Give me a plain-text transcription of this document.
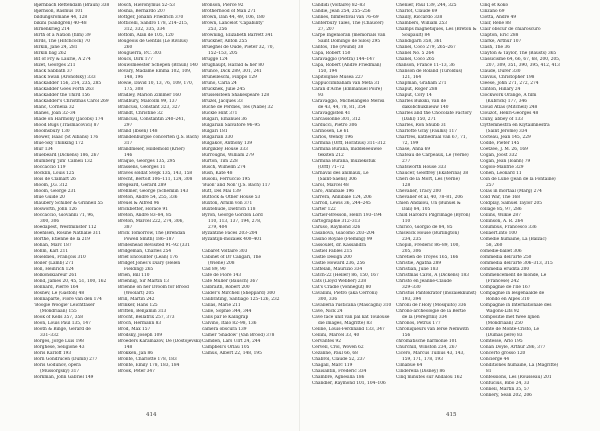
Bjørnbach Rettendam (Braun) 338
Bjørnson, Rasmus 101
bildungsromane 44, 128
bikini (Sandgren) 40–48
Birnenkrieg 214
Birth of a Nation (film) 39
Birds, The (Hitchcock) 70
Birkin, Jane 24, 281
Birkin bag 262
Bit of Fry & Laurie, A 274
Bizet, Georges 211
Black Sabbath 37
Black Swan (Aronofsky) 333
Blackadder 156, 214, 235, 285
Blackadder Goes Forth 263
Blackadder the Third 156
Blackadder's Christmas Carol 269
Blanc, Cornelia 32
Blanes, Joan 32–34
Blade on Harmony (Jacobs) 174
Blood Bugs (Trasmacovici) 87
Bloomsbury 130
Blower, Isaac (St Albans) 176
Blue-Sky Thinking 172
Blur 134
Bluebeard (Dickens) 186, 267
Blumberg 'Jim' Cameli 132
Boccaccio 119
Böcklin, Louis 125
Bois de Clamart 26
Bloom, J.G. 312
Bloom, George 231
Blue Guide 20
Blaubery Schiller & Grinnell 55
Bosworth, John 126
Boccaccio, Giovanni 71, 96,
300, 306
Boedapest, Westminster 112
Boehlsen, Rosine Nathalie 311
Borthe, Étienne de la 219
Bohan, Marc 187
Böhm, Karl 211
Boieldieu, François 310
Boiler (Lamb) 271
Böll, Heinrich 124
Bolkonskiareur 261
Bond, James 20, 45, 51, 100, 162
Bonnard, Pierre 164
Bosnev, Le (Gaston) 48
Bonnaparte, Flore van den 174
'Boogie Woogie' Leichtfaser
(Mondriaan) 155
Book of Kells 357, 358
Boon, Louis Paul 135, 147
Booth & Binge, Gerard de
331–332
Borges, Jorge Luis 198
Borghese, Seligione 43
Boris Karloff 193
Born Gondrucen (Dumb) 277
Boris Godunov, opera
(Mussorgsky) 317
Borkman, John Gabriel 149
Bosch, Hieronymus 52–53
Bosnia, Bernardo 207
Böttger, Johann Friedrich 370
Botticelli, Sandro 178, 214–215,
312, 332, 335, 334
Bottom, Alan de 105, 120
Bougeois de Gentils (Le Rivilus)
260
Bouguerra, P.C. 303
Boucs, Dirk 177
Bouwsmeester Schepen (Braun) 140
Bovary, Madame Emma 102, 109,
148, 196
Bowie, David 10, 13, 76, 109, 170,
175, 308
Bradley, Marion Zimmer 160
Bradbury, Malcolm 99, 137
Brancusi, Constant 323, 327
Brandt, Christine 32
Brancusi, Constantin 240–241,
297
Brand (Ibsen) 148
Brandenburgse concerten (J.S. Bach)
317
Brandmeier, Hildemold (Krier)
146
Braque, Georges 135, 295
Brassens, Georges 11
Braves soldat Svejk 135, 143, 158
Brecht, Bertolt 106–111, 124, 308
Brégeard, Gérard 289
Brehmer, George (Schemlin 143
Breton, André 54, 255, 336
Breuel & Alfred 96
Brickbetter, Horace 91
Breton, André 83–84, 85
Breton, Marcel 222, 274, 306,
387
Brick Tomorrow, The (Brendan
Powell Smith) 186–187
Brideshead Revisited 91–92 (331
Bridgeman, Charles 254
Brief Encounter (Lean) 176
Bridget Jones's Diary (Helen
Fielding) 265
Brien, Bill 110
Briennig, Sir Martin 13
Brienne on her Droom for Brood
(Woolart) 205
Brill, Martin 242
Brinker, Hans 125
Britten, Benjamin 313
Brocht, Bellatrix 257, 373
Broch, Hermann 83
Brod, Max 157
Brodsky, Joseph 109
Broeders Karamazov, De (Dostojevski)
148
Brokken, Jan 86
Brontë, Charlotte 178, 183
Brontë, Emily 178, 183, 184
Brook, Peter 347
Bronson, Pierce 92
Brotherhood of Man 271
Brown, Dan 44, 49, 106, 180
Brown, Lancelot 'Capability'
253, 256
Browning, Elizabeth Barrett 341
Bruckner, Anton 255
Brueghel de Oude, Pieter 32, 70,
152–153, 205
Brugge 124
Brughaupt, Harald & her 80
Brunce, Dick 289, 301, 241
Brunelleschi, Filippo 129
Bruno, Carla 24
Brucknek, Julie 245
Brusselsteen Shakespeare 128
Bruzel, Jacques 33
Buche de Perdies, Tes (Nabe) 32
Buckle Hint 371
Bulgari, Emanuel 36
Bulgarian Salvatore 96–95
Bulgari 181
Bulgarian 330
Bulgakov, Anthony 139
Burgikley House 333
Burroughs, William 279
Burton, Tim 228
Busch, Wilhelm 274
Bush, Kate 48
Busoni, Ferruccio 195
'Buon' and Non' (J.S. Bach) 117
Butt, Del Mai 139
Buttock & Other House 53
Buxton, Arnim von 371
Buxtehude, Dietrich 118
Byron, George Gordon Lord
110, 113, 137, 194, 278,
279, 404
Byzantine Faces 203–204
Byzantijn-mozaïek 400–401
Cabaret Voltaire 303
Cabinet of Dr Caligari, The
(Wiene) 208
Cad 89, 90
Café de Flore 143
Café Müller (Bausch) 367
Calbraith, Robert 200
Calder's Mirchell (Sheppard) 300
Calibrating, Santiago 125–126, 232
Callas, Marie 211
Calle, Sophie 344, 344
Calls par le Kalligrap
Calvino, Italo 82–98, 136
camera obscura 139
Camer 'Shadow' (Van Brood) 378
Camden, Lars Ulrt 24, 244
Campbell's Orlau 105
Camus, Albert 22, 148, 195
414
Candidi (Voltaire) 82–83
Candie, Jean 254, 255–256
Cannes, filmfestival van 76–69
Canterbury Tales, The (Chaucer)
27, 207
Carpe Ingenioran (memorials van
Saint Domingo de Silos) 295
Cantos, The (Pound) 38
Capa, Robert 150
Caravaggio (Pietra) 144–147
Capa, Robert (Andre Friedman)
150, 194
Capitolijnse Musea 227
Cappuccimbaham van Meta 31
Caran d'Ache (Emmanuel Poiré)
93
Caravaggio, Michelangelo Merisi
de 43, 44, 78, 81, 354
Caravaggisten 41
Carcassonne 301, 312
Carducci, Pietro 306
Carinosen, Le 61
Carlos, Wendy 196
Carmina (Orff, Horatius) 311–312
Carmina Burana, middeleeuwse
teksten 212
Carmina Burana, muziekstuk
(Orff) 71–72
Carnaval des animaux, Le
(Saint-Saëns) 306
Carol, Marcel 48
Caro, Annibale 196
Carrera, Annibale 124, 206
Carroll, Lewis 36, 244–245
Carter 122
Cartier-Bresson, Henri 193–194
cartographie 312–313
Caruso, Raymond 326
Casanova, Giacomo 203–204
Casino Royale (Fleming) 99
Cassoulet, dr. Kassandra
Castiel Fables 215
Castle Design 200
Castle Howard 236, 256
Cattelan, Maurizio 334
Catch-22 (Heller) 86, 150, 167
Cats (Lloyd Webber) 238
Cat's Cradle (Vonnegut) 80
Cavallini, Pietro (aka Cerroni)
300, 336
Cavalleria rusticana (Mascagni) 310
Cave, Nick 24
Cave face unit van pal kat Toulouse
die images, Magritte) 83
Céline, Louis-Ferdinand 133, 347
Cellini, Marcel 33, 40
Cervantes 92
Cervell, Crol, Woven 62
Cézanne, Paul 66, 68
Chabrol, Claude 52, 237
Chagall, Marc 119
Chaisantin, Frédéric 334
Chambre, Agnesilla 186
Chandler, Raymond 101, 104–106
Chénier, Paul 139, 244, 325
Charlot, Claude 69
Chailly, Riccardo 338
Chambers, William 253
Champs magnétiques, Les (Breton &
Soupault) 84
Chandigarh 358, 361
Chanel, Coco 279, 265–267
Chanel No. 5 264
Chanel, Coco 265
chanson, France 11–13, 36
Chanson de Roland (Turoldus)
121, 164
Chapman, Graham 271
Chaput, Roger 288
Chaput, Cory 14
Charles Bukski, van de
dakobchuknieuw 140
Charles and the Chocolate Factory
(Dahl) 150, 271
Charles, Ron Shubb 31
Charlotte Gray (Faulks) 117
Chartres, kathedraal van 67, 71,
72, 199
Chase, Anna 69
Château de Carpeaux, Le (Verne)
277
Chatsworth House 333
Chaucer, Geoffrey (Ekaterina) 38
Chéri de la Mort, Les (Verne)
128
Chevalier, Tracy 200
Chevalier et al, 40, 78–81, 206
Chien Andalou, Un (Buñuel &
Dalí) 84, 105
Child Harold's Pilgrimage (Byron)
110
Chirico, Giorgio de 84, 85
Chiswick House (Burlington)
234, 235
Chopin, Frédéric 86–89, 100,
205, 306
Chrétien de Troyes 165, 166
Christie, Agatha 289
Christian, Julie 183
Christmas Carol, A (Dickens) 183
Christo en Jeanne-Claude
329–330
Christus Pantokrator (mozaïekkunst)
193, 394
Chroni de l'Holy (Mosquito) 336
Chrono-archeologie de la Bertie
de la (Peregrini) 334
Chronos, Petrus 177
Chroniqueurs van Ierse Nemwith
156
chromatische harmonie 101
Churchill, Winston 234, 267
Cicero, Marcus Tullius 43, 143,
159, 171, 178, 193
Cimabue 64
Cinderella (Disney) 86
Cinq minutes sur Andalou 162
Cinq et Koko
Cinzano 69
Ciotta, André 49
Clair, René 88
Clair obscur de chiaroscuro
Clapton, Eric 288
Clarke, Arthur 107
Clash, The 36
Clayton & Taylor, The (Bausts) 365
Classicisme 64, 66, 67, 68, 200, 205,
207, 309, 351, 390, 395, 412, 413
Claude, Dürer 330
Clavius, Christopher 198
Cleese, John 271, 272, 274
Clinton, Hillary 24
Clockwork Orange, A film
(Kubrick) 177, 346
Cloud Atlas (Mitchell) 248
Clouzot, Henri-Georges 48
Cluny, abbey of 133
Clyttemnestra en Klytaimnestra
(Saint Jérôme) 334
Cocteau, Jean 145, 229
Codde, Pieter 145
Coetzee, J. M. 26, 169
Cogan, Joost 332
Cogan, Jean (Ioann) 79
Cogolo-Manfrie 329
Cohen, Leonard 11
Coin de Lune (Jean de la Fontaine)
257
Colas in mortaal (Marg) 274
Cold War, The 168
Coldplay, Samuel Taylor 205
collage 85, 97, 286
Collins, Wilkie 287
Collinson, A. R. 264
Columbus, Francesco 336
Cellaert.into 100
Comédie humaine, La (Balzac)
58, 260
comédie-ballet 306
commedia dell'arte 250
commedia dell'arte 306–313, 315
commedia erudita 200
Commencement de monde, Le
(Francese) 242
Compagnie de l'Ile 167
Compagnie in lesgehaalde de
Rondo en Alpes 310
Compagnie in Internationale des
Wagons-Lits 92
Compositie met twee lijnen
(Mondriaan) 250
Comte de Monte-Cristo, Le
(Dumas père) 83
Comtesse, Arlo 195
Conan Doyle, Arthur 286, 377
Concerto grosso 120
Concierge 44
Conditiones humaine, La (Magritte)
81
Confessions, Les (Rousseau) 201
Confucius, Bibo 24, 33
Connell, Martin 35, 57
Connery, Sean 202, 206
415
